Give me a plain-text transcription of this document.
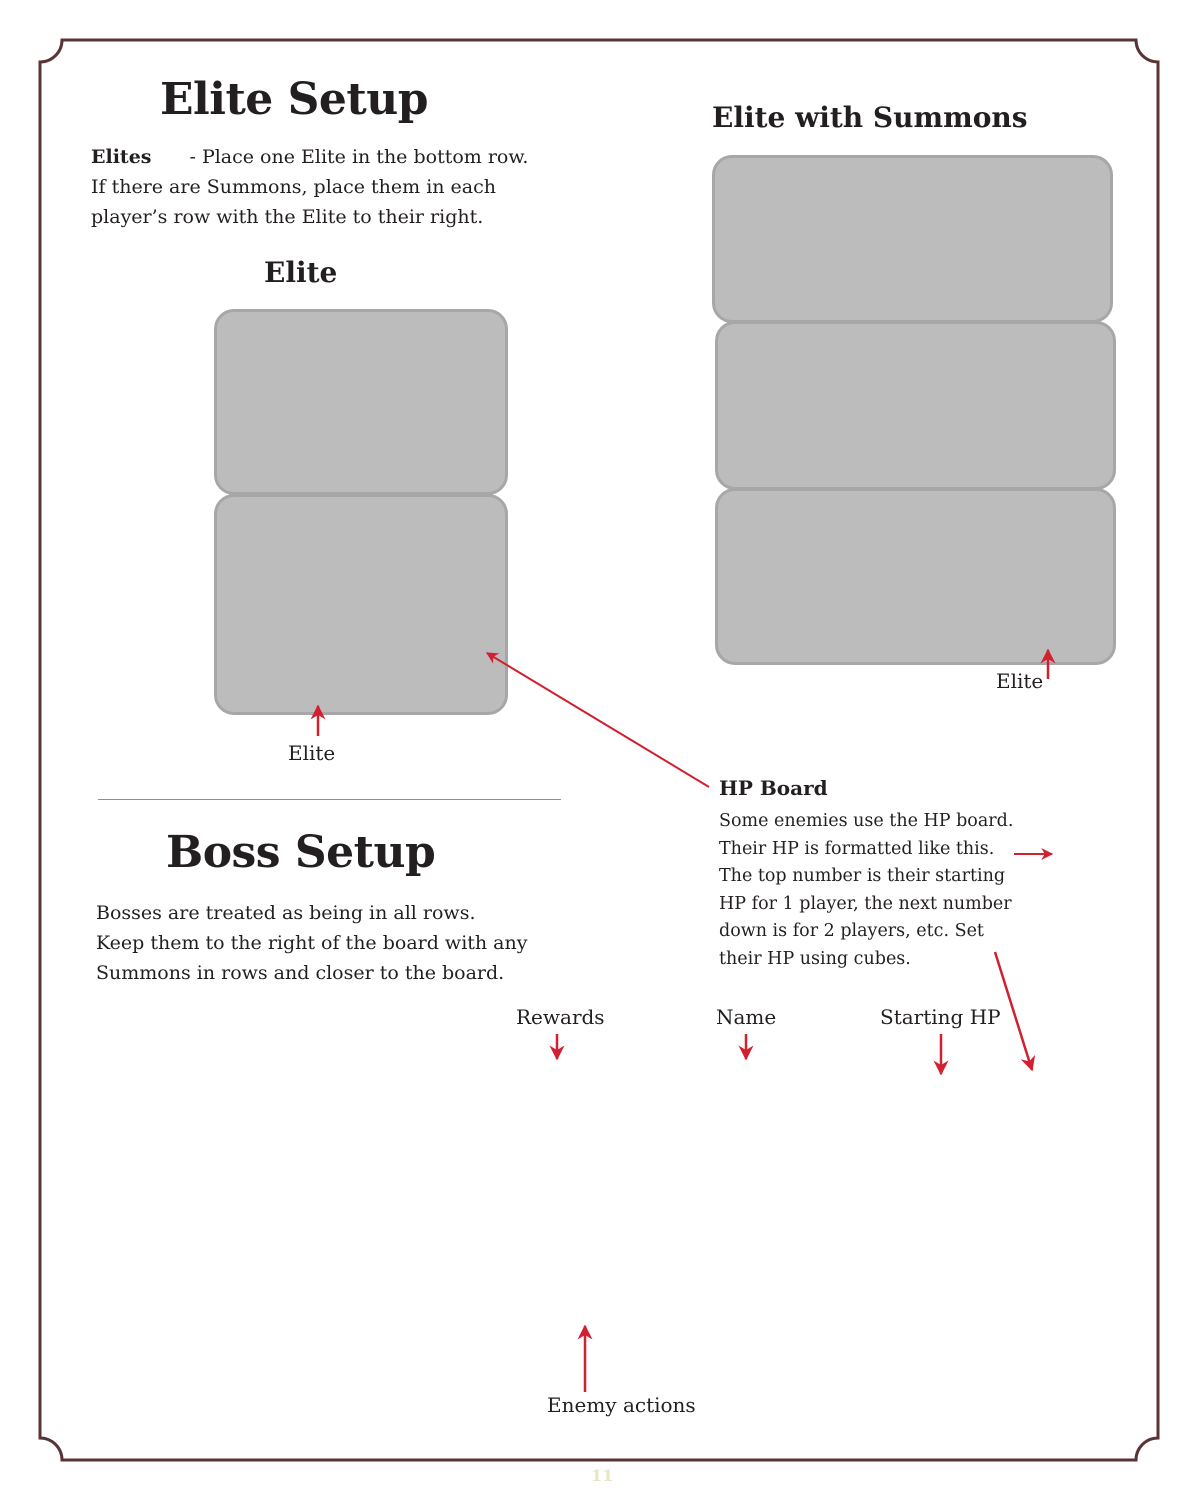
Elite Setup
Elites - Place one Elite in the bottom row.
If there are Summons, place them in each
player’s row with the Elite to their right.
Elite
Elite
Elite with Summons
Elite
HP Board
Some enemies use the HP board.
Their HP is formatted like this.
The top number is their starting
HP for 1 player, the next number
down is for 2 players, etc. Set
their HP using cubes.
Boss Setup
Bosses are treated as being in all rows.
Keep them to the right of the board with any
Summons in rows and closer to the board.
Rewards	Name	Starting HP
Enemy actions
11
